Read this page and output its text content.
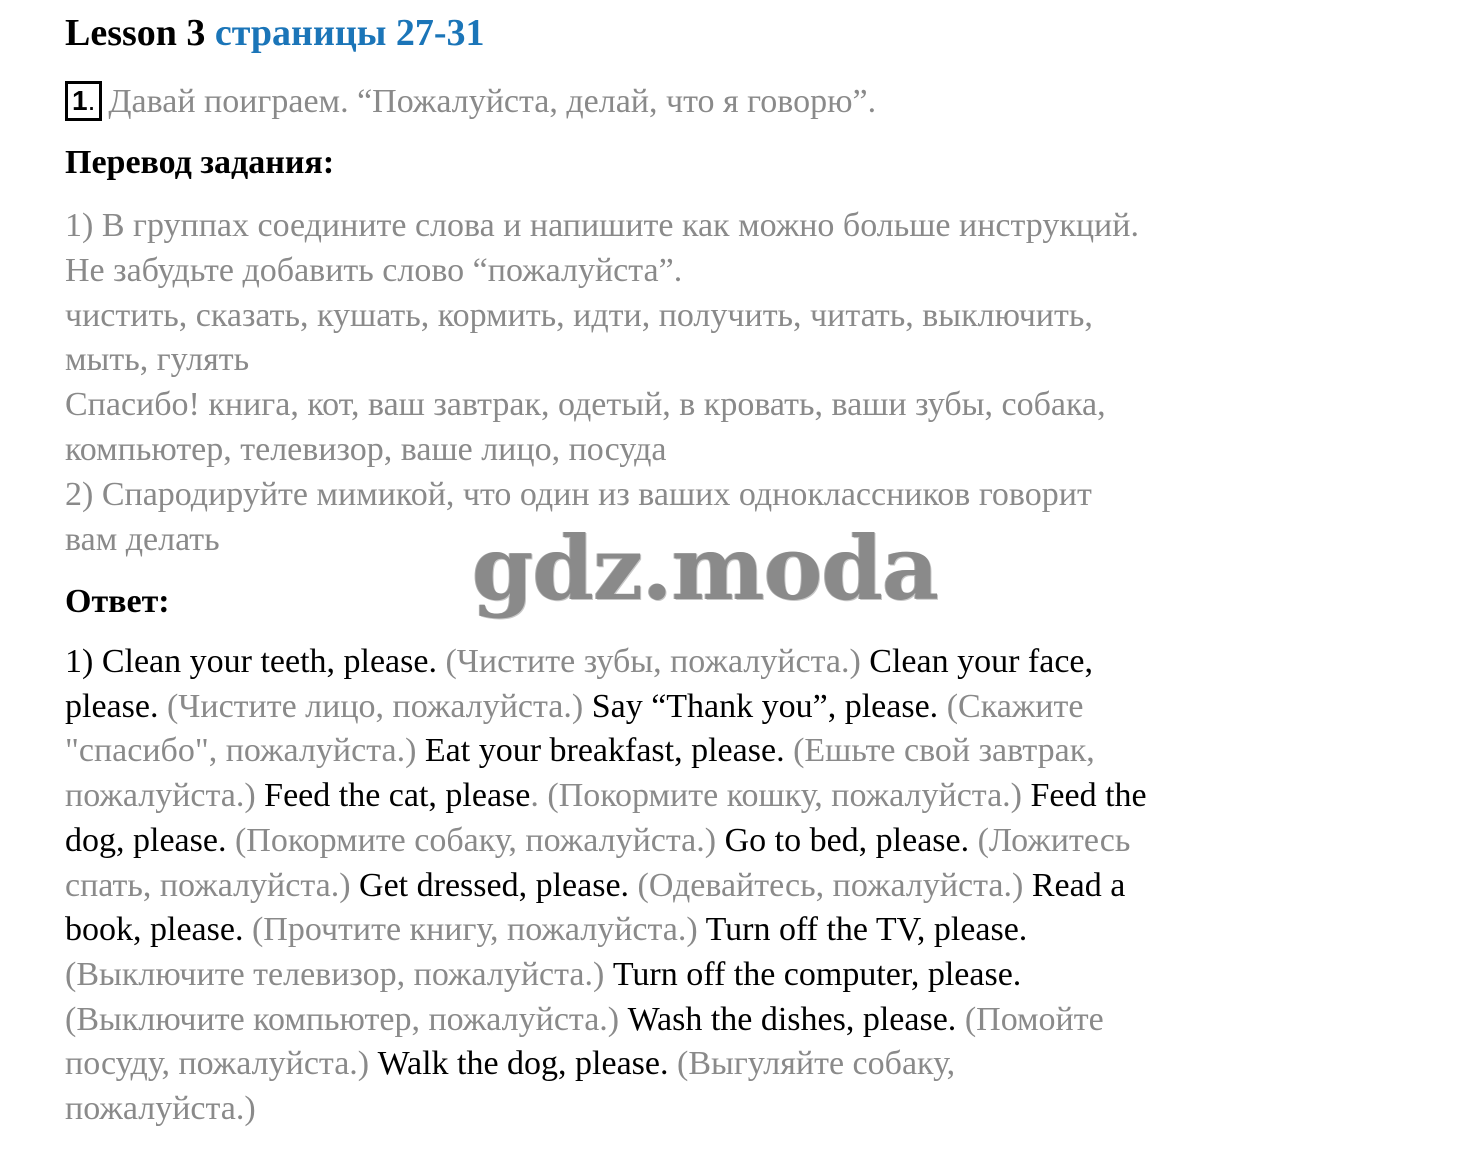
Lesson 3 страницы 27-31
1. Давай поиграем. “Пожалуйста, делай, что я говорю”.
Перевод задания:
1) В группах соедините слова и напишите как можно больше инструкций.
Не забудьте добавить слово “пожалуйста”.
чистить, сказать, кушать, кормить, идти, получить, читать, выключить,
мыть, гулять
Спасибо! книга, кот, ваш завтрак, одетый, в кровать, ваши зубы, собака,
компьютер, телевизор, ваше лицо, посуда
2) Спародируйте мимикой, что один из ваших одноклассников говорит
вам делать
Ответ:
1) Clean your teeth, please. (Чистите зубы, пожалуйста.) Clean your face,
please. (Чистите лицо, пожалуйста.) Say “Thank you”, please. (Скажите
"спасибо", пожалуйста.) Eat your breakfast, please. (Ешьте свой завтрак,
пожалуйста.) Feed the cat, please. (Покормите кошку, пожалуйста.) Feed the
dog, please. (Покормите собаку, пожалуйста.) Go to bed, please. (Ложитесь
спать, пожалуйста.) Get dressed, please. (Одевайтесь, пожалуйста.) Read a
book, please. (Прочтите книгу, пожалуйста.) Turn off the TV, please.
(Выключите телевизор, пожалуйста.) Turn off the computer, please.
(Выключите компьютер, пожалуйста.) Wash the dishes, please. (Помойте
посуду, пожалуйста.) Walk the dog, please. (Выгуляйте собаку,
пожалуйста.)
gdz.moda
